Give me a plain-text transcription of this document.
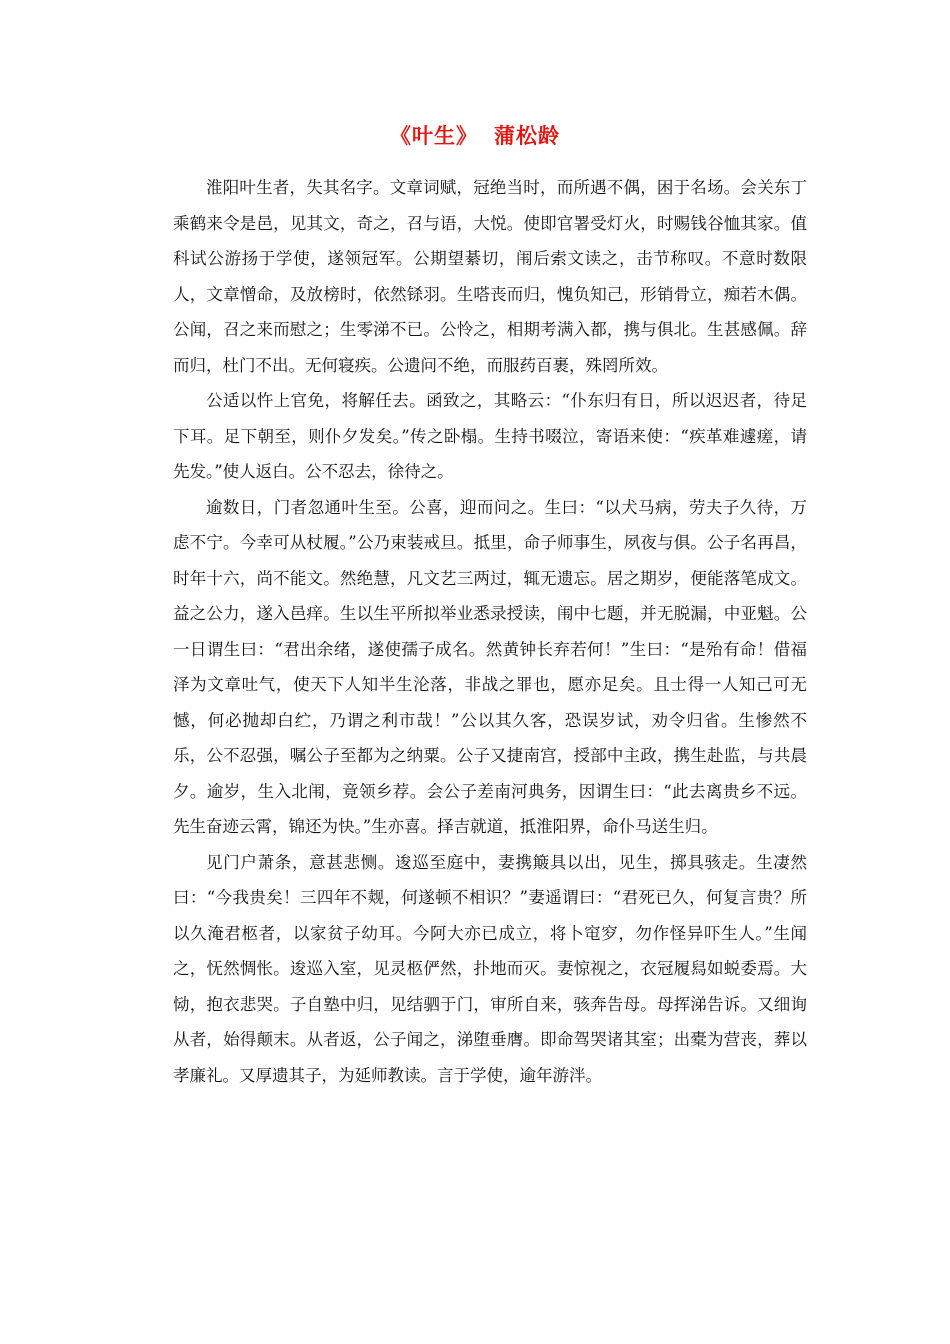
《叶生》 蒲松龄

淮阳叶生者，失其名字。文章词赋，冠绝当时，而所遇不偶，困于名场。会关东丁乘鹤来令是邑，见其文，奇之，召与语，大悦。使即官署受灯火，时赐钱谷恤其家。值科试公游扬于学使，遂领冠军。公期望綦切，闱后索文读之，击节称叹。不意时数限人，文章憎命，及放榜时，依然铩羽。生嗒丧而归，愧负知己，形销骨立，痴若木偶。公闻，召之来而慰之；生零涕不已。公怜之，相期考满入都，携与俱北。生甚感佩。辞而归，杜门不出。无何寝疾。公遗问不绝，而服药百裹，殊罔所效。

公适以忤上官免，将解任去。函致之，其略云：“仆东归有日，所以迟迟者，待足下耳。足下朝至，则仆夕发矣。”传之卧榻。生持书啜泣，寄语来使：“疾革难遽瘥，请先发。”使人返白。公不忍去，徐待之。

逾数日，门者忽通叶生至。公喜，迎而问之。生曰：“以犬马病，劳夫子久待，万虑不宁。今幸可从杖履。”公乃束装戒旦。抵里，命子师事生，夙夜与俱。公子名再昌，时年十六，尚不能文。然绝慧，凡文艺三两过，辄无遗忘。居之期岁，便能落笔成文。益之公力，遂入邑痒。生以生平所拟举业悉录授读，闱中七题，并无脱漏，中亚魁。公一日谓生曰：“君出余绪，遂使孺子成名。然黄钟长弃若何！”生曰：“是殆有命！借福泽为文章吐气，使天下人知半生沦落，非战之罪也，愿亦足矣。且士得一人知己可无憾，何必抛却白纻，乃谓之利市哉！”公以其久客，恐误岁试，劝令归省。生惨然不乐，公不忍强，嘱公子至都为之纳粟。公子又捷南宫，授部中主政，携生赴监，与共晨夕。逾岁，生入北闱，竟领乡荐。会公子差南河典务，因谓生曰：“此去离贵乡不远。先生奋迹云霄，锦还为快。”生亦喜。择吉就道，抵淮阳界，命仆马送生归。

见门户萧条，意甚悲恻。逡巡至庭中，妻携簸具以出，见生，掷具骇走。生凄然曰：“今我贵矣！三四年不觌，何遂顿不相识？”妻遥谓曰：“君死已久，何复言贵？所以久淹君柩者，以家贫子幼耳。今阿大亦已成立，将卜窀穸，勿作怪异吓生人。”生闻之，怃然惆怅。逡巡入室，见灵柩俨然，扑地而灭。妻惊视之，衣冠履舄如蜕委焉。大恸，抱衣悲哭。子自塾中归，见结驷于门，审所自来，骇奔告母。母挥涕告诉。又细询从者，始得颠末。从者返，公子闻之，涕堕垂膺。即命驾哭诸其室；出橐为营丧，葬以孝廉礼。又厚遗其子，为延师教读。言于学使，逾年游泮。
